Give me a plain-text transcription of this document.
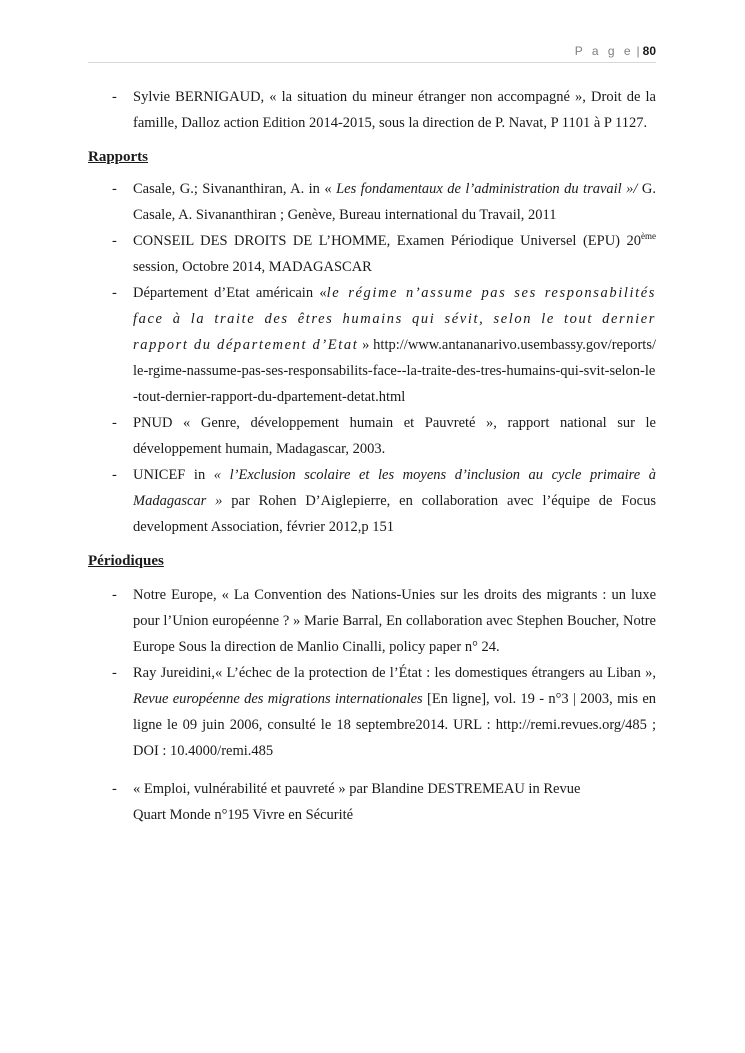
P a g e | 80
- Sylvie BERNIGAUD, « la situation du mineur étranger non accompagné », Droit de la famille, Dalloz action Edition 2014-2015, sous la direction de P. Navat, P 1101 à P 1127.
Rapports
- Casale, G.; Sivananthiran, A. in « Les fondamentaux de l’administration du travail »/ G. Casale, A. Sivananthiran ; Genève, Bureau international du Travail, 2011
- CONSEIL DES DROITS DE L’HOMME, Examen Périodique Universel (EPU) 20ème session, Octobre 2014, MADAGASCAR
- Département d’Etat américain «le régime n’assume pas ses responsabilités face à la traite des êtres humains qui sévit, selon le tout dernier rapport du département d’Etat » http://www.antananarivo.usembassy.gov/reports/le-rgime-nassume-pas-ses-responsabilits-face--la-traite-des-tres-humains-qui-svit-selon-le-tout-dernier-rapport-du-dpartement-detat.html
- PNUD « Genre, développement humain et Pauvreté », rapport national sur le développement humain, Madagascar, 2003.
- UNICEF in « l’Exclusion scolaire et les moyens d’inclusion au cycle primaire à Madagascar » par Rohen D’Aiglepierre, en collaboration avec l’équipe de Focus development Association, février 2012,p 151
Périodiques
- Notre Europe, « La Convention des Nations-Unies sur les droits des migrants : un luxe pour l’Union européenne ? » Marie Barral, En collaboration avec Stephen Boucher, Notre Europe Sous la direction de Manlio Cinalli, policy paper n° 24.
- Ray Jureidini,« L’échec de la protection de l’État : les domestiques étrangers au Liban », Revue européenne des migrations internationales [En ligne], vol. 19 - n°3 | 2003, mis en ligne le 09 juin 2006, consulté le 18 septembre2014. URL : http://remi.revues.org/485 ; DOI : 10.4000/remi.485
- « Emploi, vulnérabilité et pauvreté » par Blandine DESTREMEAU in Revue
Quart Monde n°195 Vivre en Sécurité
